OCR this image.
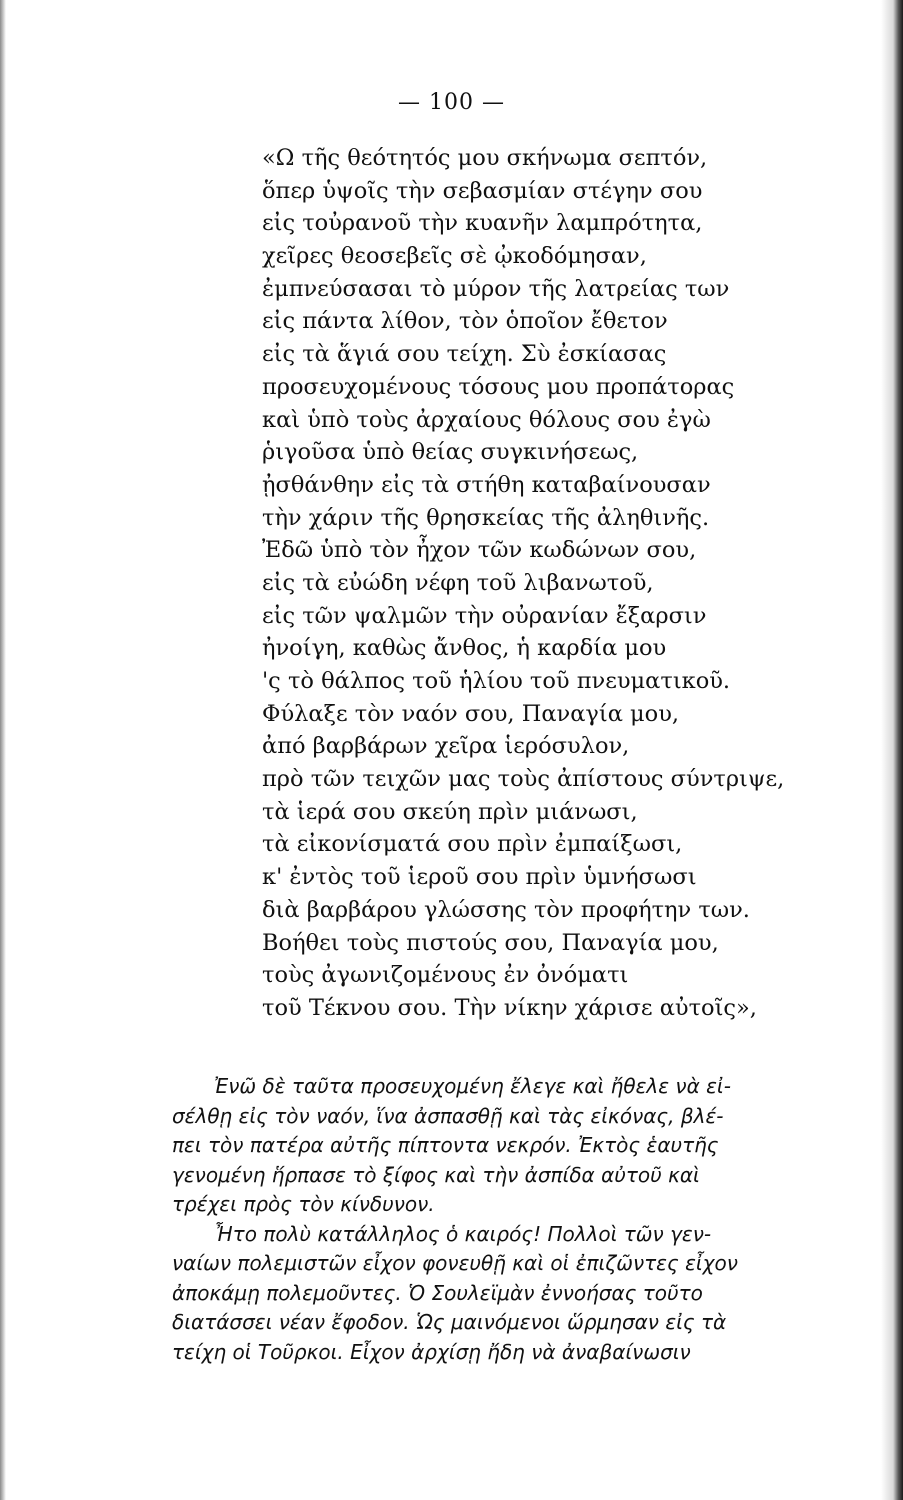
— 100 —
«Ω τῆς θεότητός μου σκήνωμα σεπτόν,
ὅπερ ὑψοῖς τὴν σεβασμίαν στέγην σου
εἰς τοὐρανοῦ τὴν κυανῆν λαμπρότητα,
χεῖρες θεοσεβεῖς σὲ ᾠκοδόμησαν,
ἐμπνεύσασαι τὸ μύρον τῆς λατρείας των
εἰς πάντα λίθον, τὸν ὁποῖον ἔθετον
εἰς τὰ ἅγιά σου τείχη. Σὺ ἐσκίασας
προσευχομένους τόσους μου προπάτορας
καὶ ὑπὸ τοὺς ἀρχαίους θόλους σου ἐγὼ
ῥιγοῦσα ὑπὸ θείας συγκινήσεως,
ᾐσθάνθην εἰς τὰ στήθη καταβαίνουσαν
τὴν χάριν τῆς θρησκείας τῆς ἀληθινῆς.
Ἐδῶ ὑπὸ τὸν ἦχον τῶν κωδώνων σου,
εἰς τὰ εὐώδη νέφη τοῦ λιβανωτοῦ,
εἰς τῶν ψαλμῶν τὴν οὐρανίαν ἔξαρσιν
ἠνοίγη, καθὼς ἄνθος, ἡ καρδία μου
'ς τὸ θάλπος τοῦ ἡλίου τοῦ πνευματικοῦ.
Φύλαξε τὸν ναόν σου, Παναγία μου,
ἀπό βαρβάρων χεῖρα ἱερόσυλον,
πρὸ τῶν τειχῶν μας τοὺς ἀπίστους σύντριψε,
τὰ ἱερά σου σκεύη πρὶν μιάνωσι,
τὰ εἰκονίσματά σου πρὶν ἐμπαίξωσι,
κ' ἐντὸς τοῦ ἱεροῦ σου πρὶν ὑμνήσωσι
διὰ βαρβάρου γλώσσης τὸν προφήτην των.
Βοήθει τοὺς πιστούς σου, Παναγία μου,
τοὺς ἀγωνιζομένους ἐν ὀνόματι
τοῦ Τέκνου σου. Τὴν νίκην χάρισε αὐτοῖς»,
Ἐνῶ δὲ ταῦτα προσευχομένη ἔλεγε καὶ ἤθελε νὰ εἰ-
σέλθῃ εἰς τὸν ναόν, ἵνα ἀσπασθῇ καὶ τὰς εἰκόνας, βλέ-
πει τὸν πατέρα αὐτῆς πίπτοντα νεκρόν. Ἐκτὸς ἑαυτῆς
γενομένη ἥρπασε τὸ ξίφος καὶ τὴν ἀσπίδα αὐτοῦ καὶ
τρέχει πρὸς τὸν κίνδυνον.
Ἦτο πολὺ κατάλληλος ὁ καιρός! Πολλοὶ τῶν γεν-
ναίων πολεμιστῶν εἶχον φονευθῇ καὶ οἱ ἐπιζῶντες εἶχον
ἀποκάμῃ πολεμοῦντες. Ὁ Σουλεϊμὰν ἐννοήσας τοῦτο
διατάσσει νέαν ἔφοδον. Ὡς μαινόμενοι ὥρμησαν εἰς τὰ
τείχη οἱ Τοῦρκοι. Εἶχον ἀρχίσῃ ἤδη νὰ ἀναβαίνωσιν
